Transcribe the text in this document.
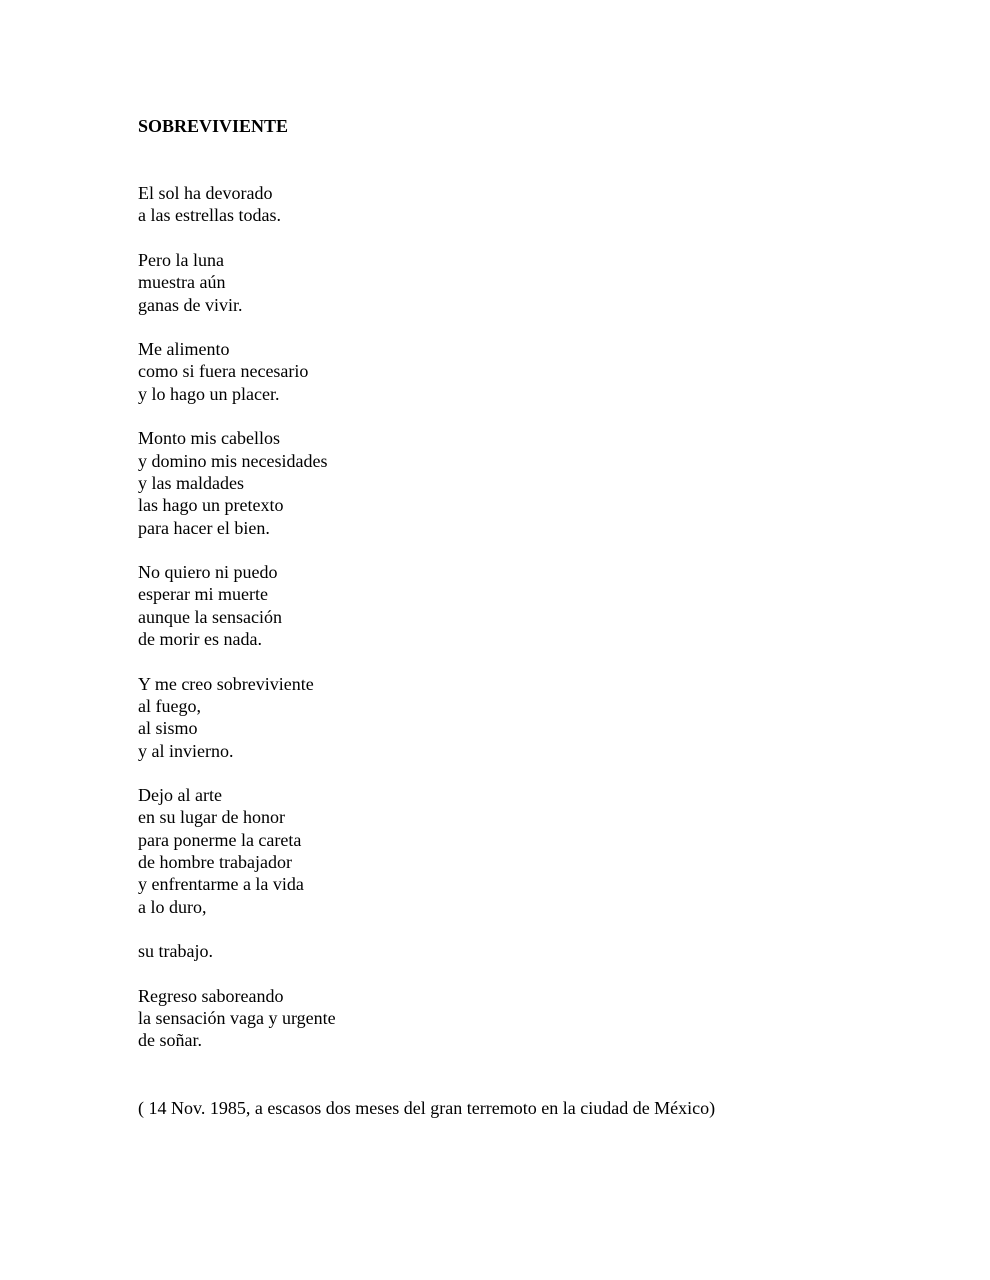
SOBREVIVIENTE
El sol ha devorado
a las estrellas todas.
Pero la luna
muestra aún
ganas de vivir.
Me alimento
como si fuera necesario
y lo hago un placer.
Monto mis cabellos
y domino mis necesidades
y las maldades
las hago un pretexto
para hacer el bien.
No quiero ni puedo
esperar mi muerte
aunque la sensación
de morir es nada.
Y me creo sobreviviente
al fuego,
al sismo
y al invierno.
Dejo al arte
en su lugar de honor
para ponerme la careta
de hombre trabajador
y enfrentarme a la vida
a lo duro,
su trabajo.
Regreso saboreando
la sensación vaga y urgente
de soñar.
( 14 Nov. 1985, a escasos dos meses del gran terremoto en la ciudad de México)
